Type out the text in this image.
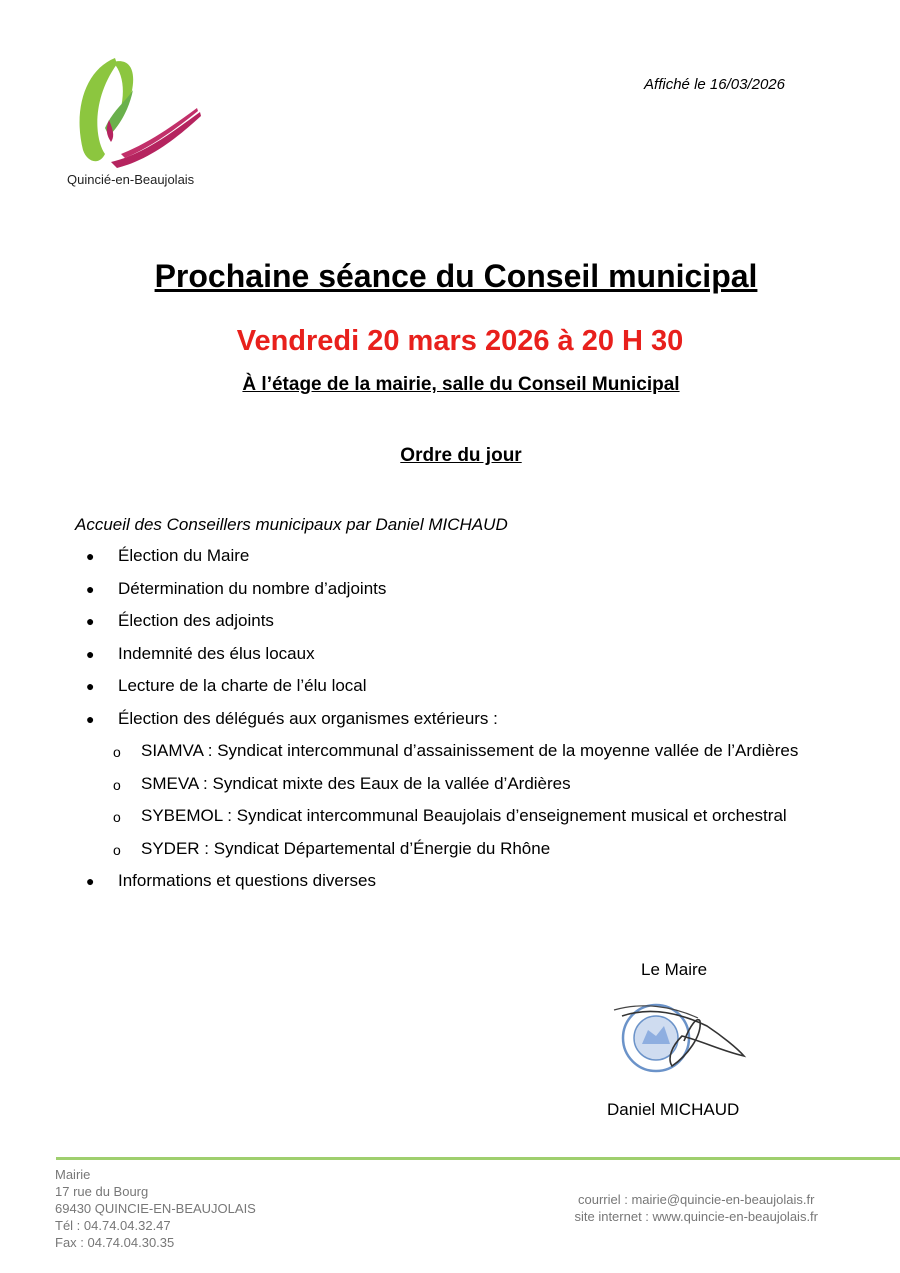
Quincié-en-Beaujolais
Affiché le 16/03/2026
Prochaine séance du Conseil municipal
Vendredi 20 mars 2026 à 20 H 30
À l’étage de la mairie, salle du Conseil Municipal
Ordre du jour
Accueil des Conseillers municipaux par Daniel MICHAUD
● Élection du Maire
● Détermination du nombre d’adjoints
● Élection des adjoints
● Indemnité des élus locaux
● Lecture de la charte de l’élu local
● Élection des délégués aux organismes extérieurs :
o SIAMVA : Syndicat intercommunal d’assainissement de la moyenne vallée de l’Ardières
o SMEVA : Syndicat mixte des Eaux de la vallée d’Ardières
o SYBEMOL : Syndicat intercommunal Beaujolais d’enseignement musical et orchestral
o SYDER : Syndicat Départemental d’Énergie du Rhône
● Informations et questions diverses
Le Maire
Daniel MICHAUD
Mairie
17 rue du Bourg
69430 QUINCIE-EN-BEAUJOLAIS
Tél : 04.74.04.32.47
Fax : 04.74.04.30.35
courriel : mairie@quincie-en-beaujolais.fr
site internet : www.quincie-en-beaujolais.fr
